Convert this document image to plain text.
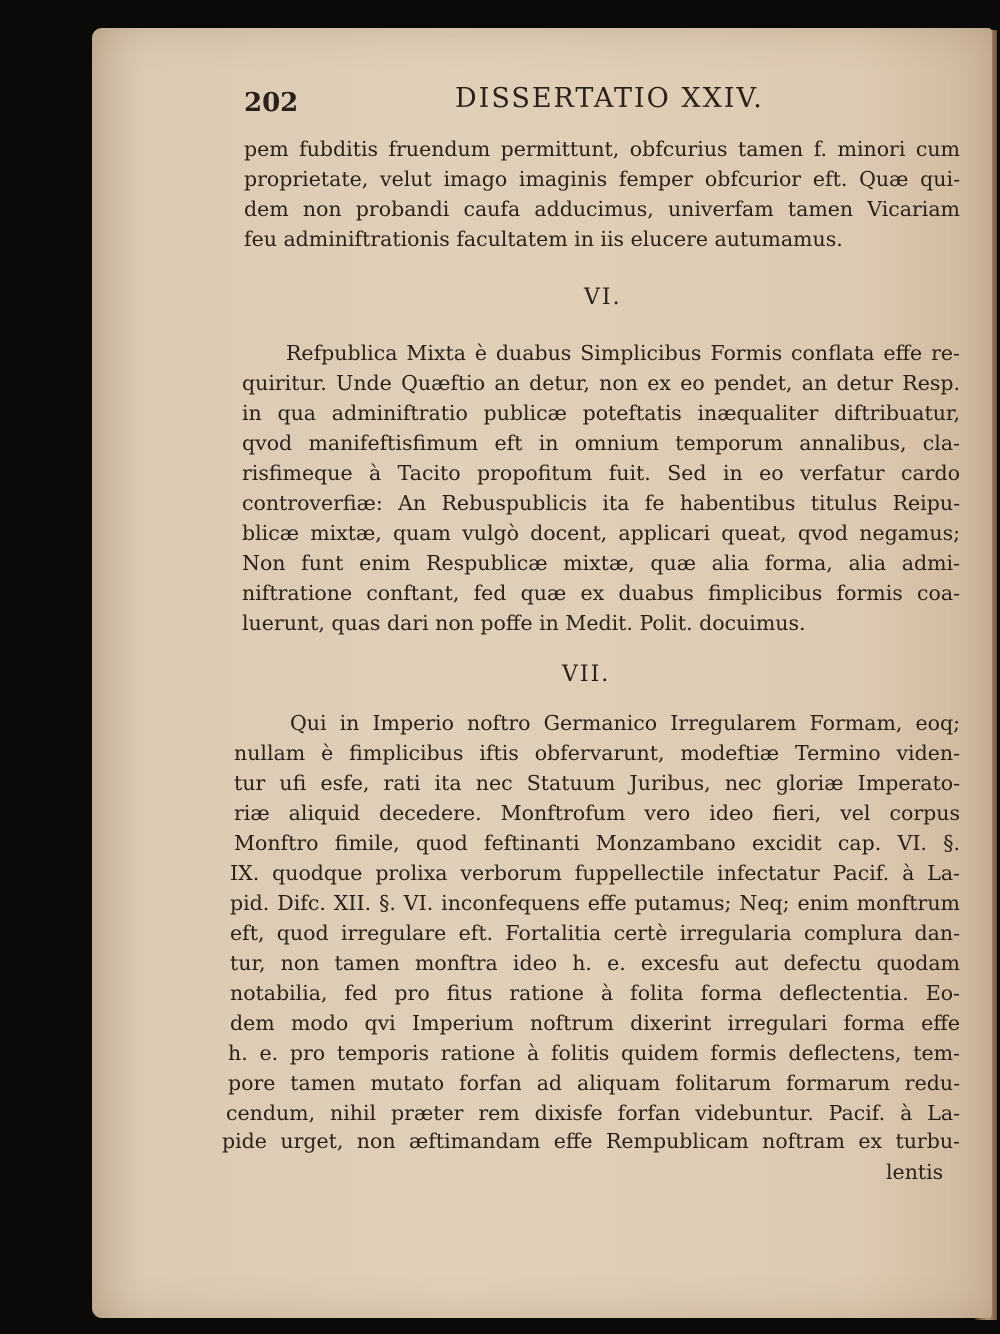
202	DISSERTATIO XXIV.
pem fubditis fruendum permittunt, obfcurius tamen f. minori cum
proprietate, velut imago imaginis femper obfcurior eft. Quæ qui-
dem non probandi caufa adducimus, univerfam tamen Vicariam
feu adminiftrationis facultatem in iis elucere autumamus.
VI.
Refpublica Mixta è duabus Simplicibus Formis conflata effe re-
quiritur. Unde Quæftio an detur, non ex eo pendet, an detur Resp.
in qua adminiftratio publicæ poteftatis inæqualiter diftribuatur,
qvod manifeftisfimum eft in omnium temporum annalibus, cla-
risfimeque à Tacito propofitum fuit. Sed in eo verfatur cardo
controverfiæ: An Rebuspublicis ita fe habentibus titulus Reipu-
blicæ mixtæ, quam vulgò docent, applicari queat, qvod negamus;
Non funt enim Respublicæ mixtæ, quæ alia forma, alia admi-
niftratione conftant, fed quæ ex duabus fimplicibus formis coa-
luerunt, quas dari non poffe in Medit. Polit. docuimus.
VII.
Qui in Imperio noftro Germanico Irregularem Formam, eoq;
nullam è fimplicibus iftis obfervarunt, modeftiæ Termino viden-
tur ufi esfe, rati ita nec Statuum Juribus, nec gloriæ Imperato-
riæ aliquid decedere. Monftrofum vero ideo fieri, vel corpus
Monftro fimile, quod feftinanti Monzambano excidit cap. VI. §.
IX. quodque prolixa verborum fuppellectile infectatur Pacif. à La-
pid. Difc. XII. §. VI. inconfequens effe putamus; Neq; enim monftrum
eft, quod irregulare eft. Fortalitia certè irregularia complura dan-
tur, non tamen monftra ideo h. e. excesfu aut defectu quodam
notabilia, fed pro fitus ratione à folita forma deflectentia. Eo-
dem modo qvi Imperium noftrum dixerint irregulari forma effe
h. e. pro temporis ratione à folitis quidem formis deflectens, tem-
pore tamen mutato forfan ad aliquam folitarum formarum redu-
cendum, nihil præter rem dixisfe forfan videbuntur. Pacif. à La-
pide urget, non æftimandam effe Rempublicam noftram ex turbu-
lentis
